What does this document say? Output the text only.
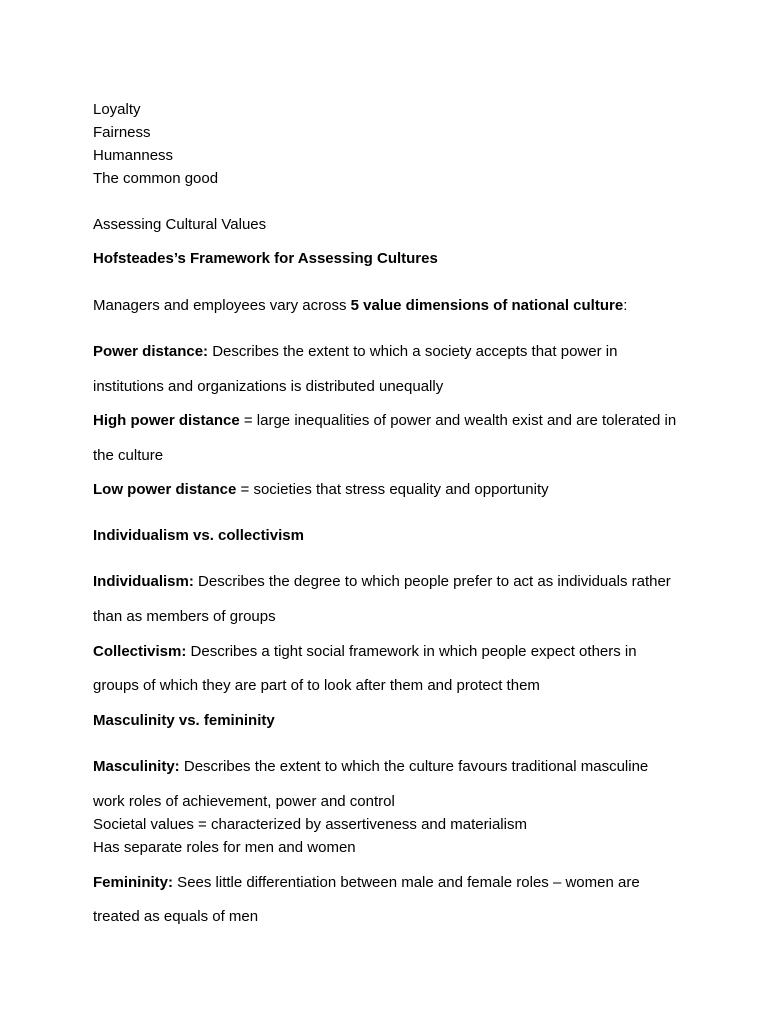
Loyalty
Fairness
Humanness
The common good
Assessing Cultural Values
Hofsteades’s Framework for Assessing Cultures
Managers and employees vary across 5 value dimensions of national culture:
Power distance: Describes the extent to which a society accepts that power in
institutions and organizations is distributed unequally
High power distance = large inequalities of power and wealth exist and are tolerated in
the culture
Low power distance = societies that stress equality and opportunity
Individualism vs. collectivism
Individualism: Describes the degree to which people prefer to act as individuals rather
than as members of groups
Collectivism: Describes a tight social framework in which people expect others in
groups of which they are part of to look after them and protect them
Masculinity vs. femininity
Masculinity: Describes the extent to which the culture favours traditional masculine
work roles of achievement, power and control
Societal values = characterized by assertiveness and materialism
Has separate roles for men and women
Femininity: Sees little differentiation between male and female roles – women are
treated as equals of men
